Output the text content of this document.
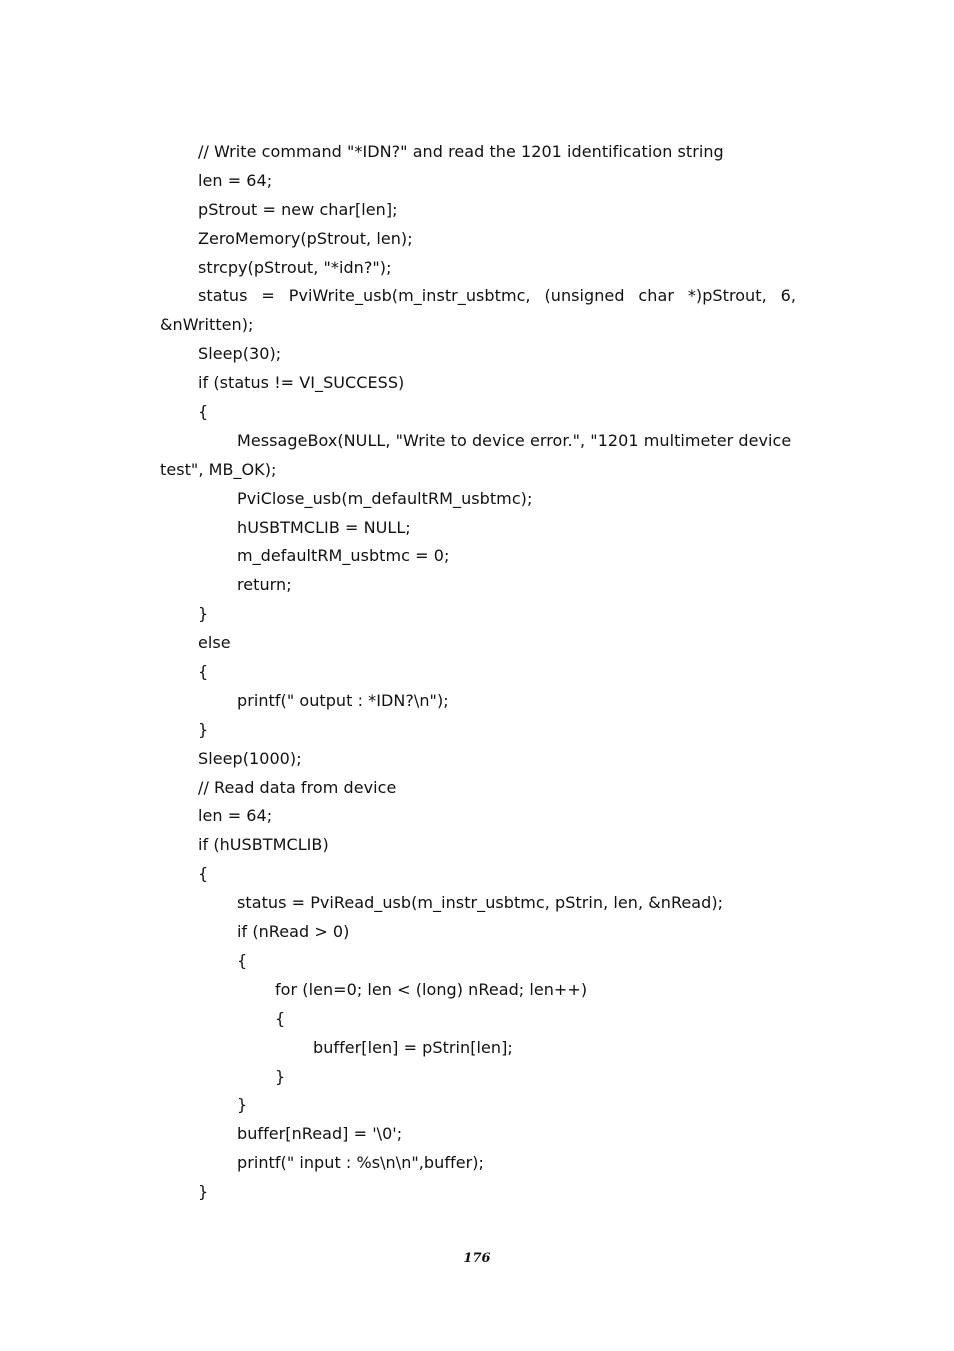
// Write command "*IDN?" and read the 1201 identification string
len = 64;
pStrout = new char[len];
ZeroMemory(pStrout, len);
strcpy(pStrout, "*idn?");
status = PviWrite_usb(m_instr_usbtmc, (unsigned char *)pStrout, 6,
&nWritten);
Sleep(30);
if (status != VI_SUCCESS)
{
MessageBox(NULL, "Write to device error.", "1201 multimeter device
test", MB_OK);
PviClose_usb(m_defaultRM_usbtmc);
hUSBTMCLIB = NULL;
m_defaultRM_usbtmc = 0;
return;
}
else
{
printf(" output : *IDN?\n");
}
Sleep(1000);
// Read data from device
len = 64;
if (hUSBTMCLIB)
{
status = PviRead_usb(m_instr_usbtmc, pStrin, len, &nRead);
if (nRead > 0)
{
for (len=0; len < (long) nRead; len++)
{
buffer[len] = pStrin[len];
}
}
buffer[nRead] = '\0';
printf(" input : %s\n\n",buffer);
}
176
